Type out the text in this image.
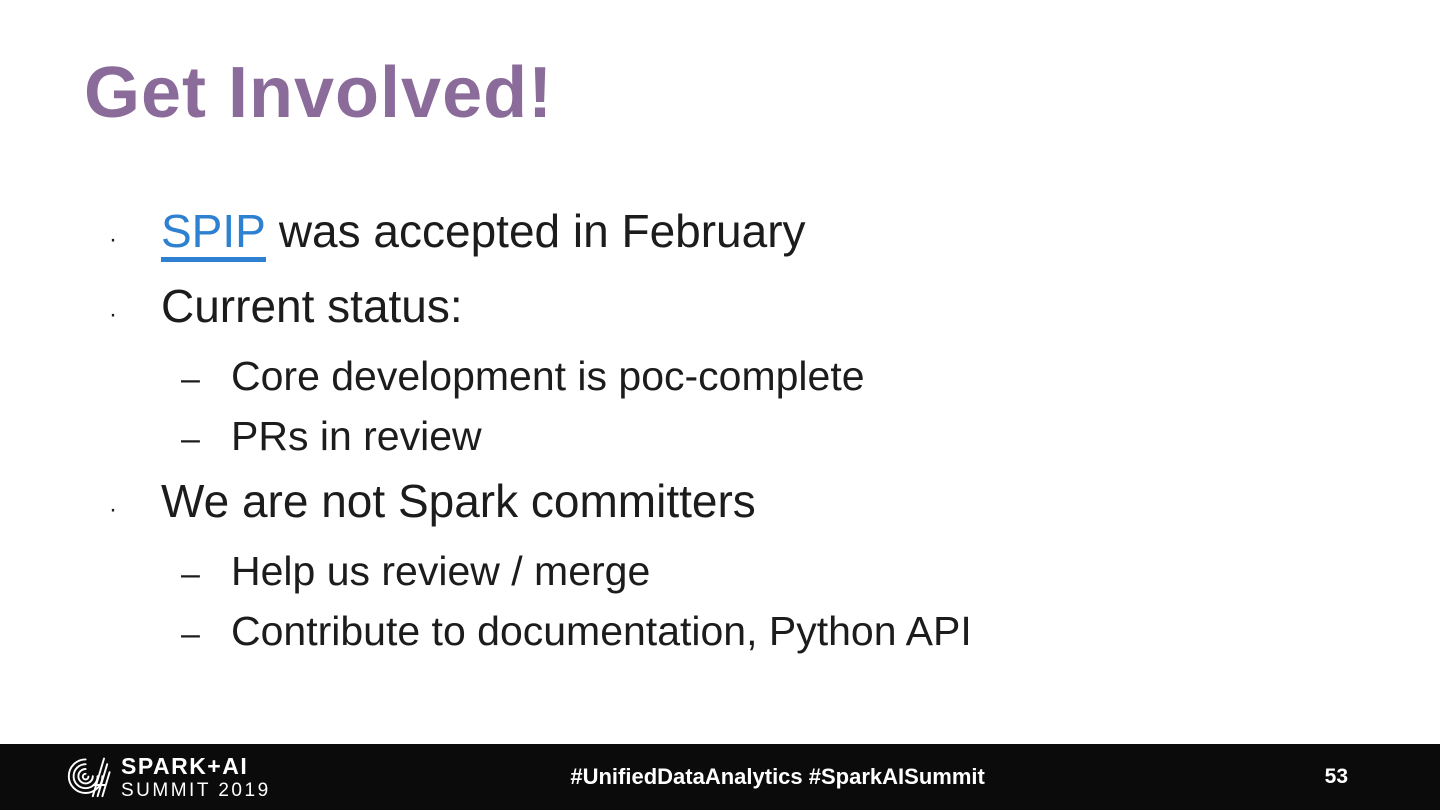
Get Involved!
· SPIP was accepted in February
· Current status:
– Core development is poc-complete
– PRs in review
· We are not Spark committers
– Help us review / merge
– Contribute to documentation, Python API
SPARK+AI
SUMMIT 2019
#UnifiedDataAnalytics #SparkAISummit	53
